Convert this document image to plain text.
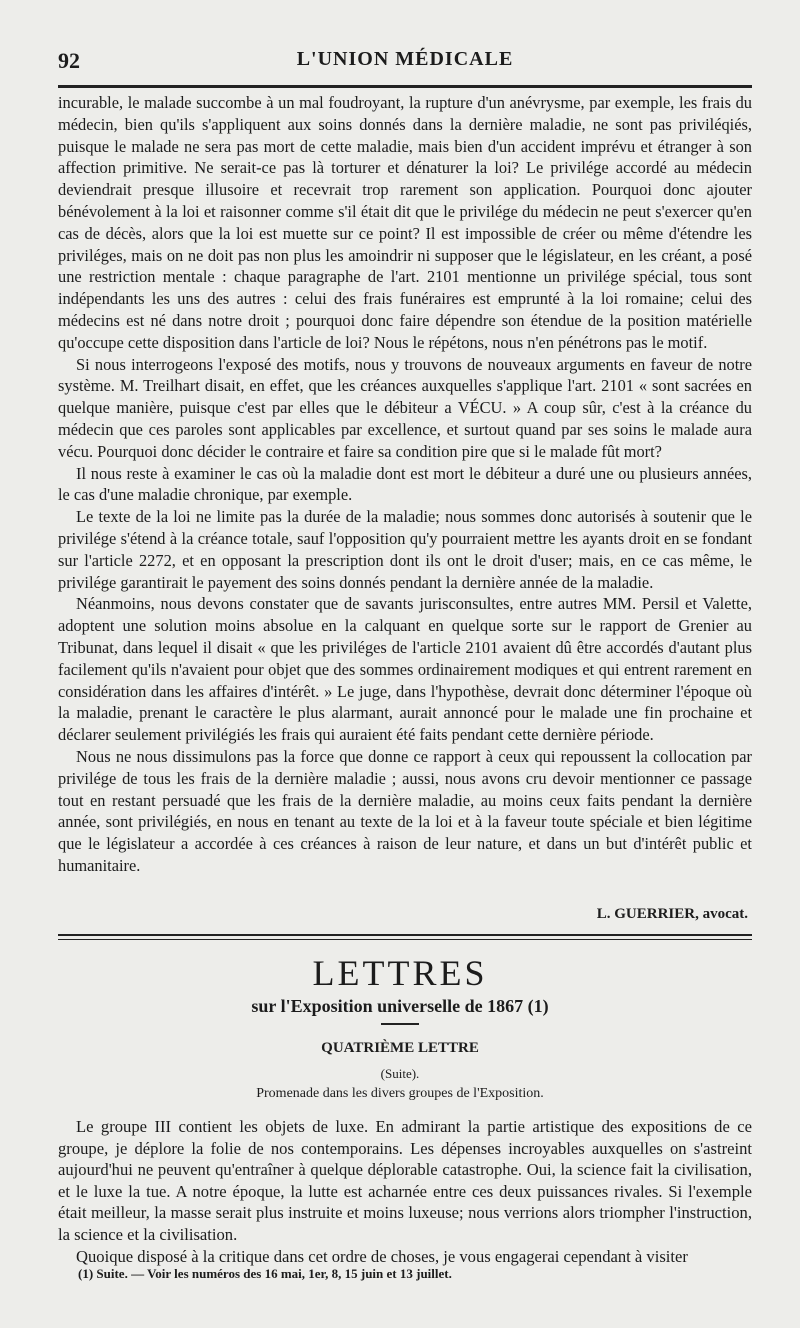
92	L'UNION MÉDICALE

incurable, le malade succombe à un mal foudroyant, la rupture d'un anévrysme, par exemple, les frais du médecin, bien qu'ils s'appliquent aux soins donnés dans la dernière maladie, ne sont pas priviléqiés, puisque le malade ne sera pas mort de cette maladie, mais bien d'un accident imprévu et étranger à son affection primitive. Ne serait-ce pas là torturer et dénaturer la loi? Le privilége accordé au médecin deviendrait presque illusoire et recevrait trop rarement son application. Pourquoi donc ajouter bénévolement à la loi et raisonner comme s'il était dit que le privilége du médecin ne peut s'exercer qu'en cas de décès, alors que la loi est muette sur ce point? Il est impossible de créer ou même d'étendre les priviléges, mais on ne doit pas non plus les amoindrir ni supposer que le législateur, en les créant, a posé une restriction mentale : chaque paragraphe de l'art. 2101 mentionne un privilége spécial, tous sont indépendants les uns des autres : celui des frais funéraires est emprunté à la loi romaine; celui des médecins est né dans notre droit ; pourquoi donc faire dépendre son étendue de la position matérielle qu'occupe cette disposition dans l'article de loi? Nous le répétons, nous n'en pénétrons pas le motif.

Si nous interrogeons l'exposé des motifs, nous y trouvons de nouveaux arguments en faveur de notre système. M. Treilhart disait, en effet, que les créances auxquelles s'applique l'art. 2101 « sont sacrées en quelque manière, puisque c'est par elles que le débiteur a VÉCU. » A coup sûr, c'est à la créance du médecin que ces paroles sont applicables par excellence, et surtout quand par ses soins le malade aura vécu. Pourquoi donc décider le contraire et faire sa condition pire que si le malade fût mort?

Il nous reste à examiner le cas où la maladie dont est mort le débiteur a duré une ou plusieurs années, le cas d'une maladie chronique, par exemple.

Le texte de la loi ne limite pas la durée de la maladie; nous sommes donc autorisés à soutenir que le privilége s'étend à la créance totale, sauf l'opposition qu'y pourraient mettre les ayants droit en se fondant sur l'article 2272, et en opposant la prescription dont ils ont le droit d'user; mais, en ce cas même, le privilége garantirait le payement des soins donnés pendant la dernière année de la maladie.

Néanmoins, nous devons constater que de savants jurisconsultes, entre autres MM. Persil et Valette, adoptent une solution moins absolue en la calquant en quelque sorte sur le rapport de Grenier au Tribunat, dans lequel il disait « que les priviléges de l'article 2101 avaient dû être accordés d'autant plus facilement qu'ils n'avaient pour objet que des sommes ordinairement modiques et qui entrent rarement en considération dans les affaires d'intérêt. » Le juge, dans l'hypothèse, devrait donc déterminer l'époque où la maladie, prenant le caractère le plus alarmant, aurait annoncé pour le malade une fin prochaine et déclarer seulement privilégiés les frais qui auraient été faits pendant cette dernière période.

Nous ne nous dissimulons pas la force que donne ce rapport à ceux qui repoussent la collocation par privilége de tous les frais de la dernière maladie ; aussi, nous avons cru devoir mentionner ce passage tout en restant persuadé que les frais de la dernière maladie, au moins ceux faits pendant la dernière année, sont privilégiés, en nous en tenant au texte de la loi et à la faveur toute spéciale et bien légitime que le législateur a accordée à ces créances à raison de leur nature, et dans un but d'intérêt public et humanitaire.

L. GUERRIER, avocat.
LETTRES
sur l'Exposition universelle de 1867 (1)
QUATRIÈME LETTRE
(Suite).
Promenade dans les divers groupes de l'Exposition.

Le groupe III contient les objets de luxe. En admirant la partie artistique des expositions de ce groupe, je déplore la folie de nos contemporains. Les dépenses incroyables auxquelles on s'astreint aujourd'hui ne peuvent qu'entraîner à quelque déplorable catastrophe. Oui, la science fait la civilisation, et le luxe la tue. A notre époque, la lutte est acharnée entre ces deux puissances rivales. Si l'exemple était meilleur, la masse serait plus instruite et moins luxeuse; nous verrions alors triompher l'instruction, la science et la civilisation.

Quoique disposé à la critique dans cet ordre de choses, je vous engagerai cependant à visiter

(1) Suite. — Voir les numéros des 16 mai, 1er, 8, 15 juin et 13 juillet.
